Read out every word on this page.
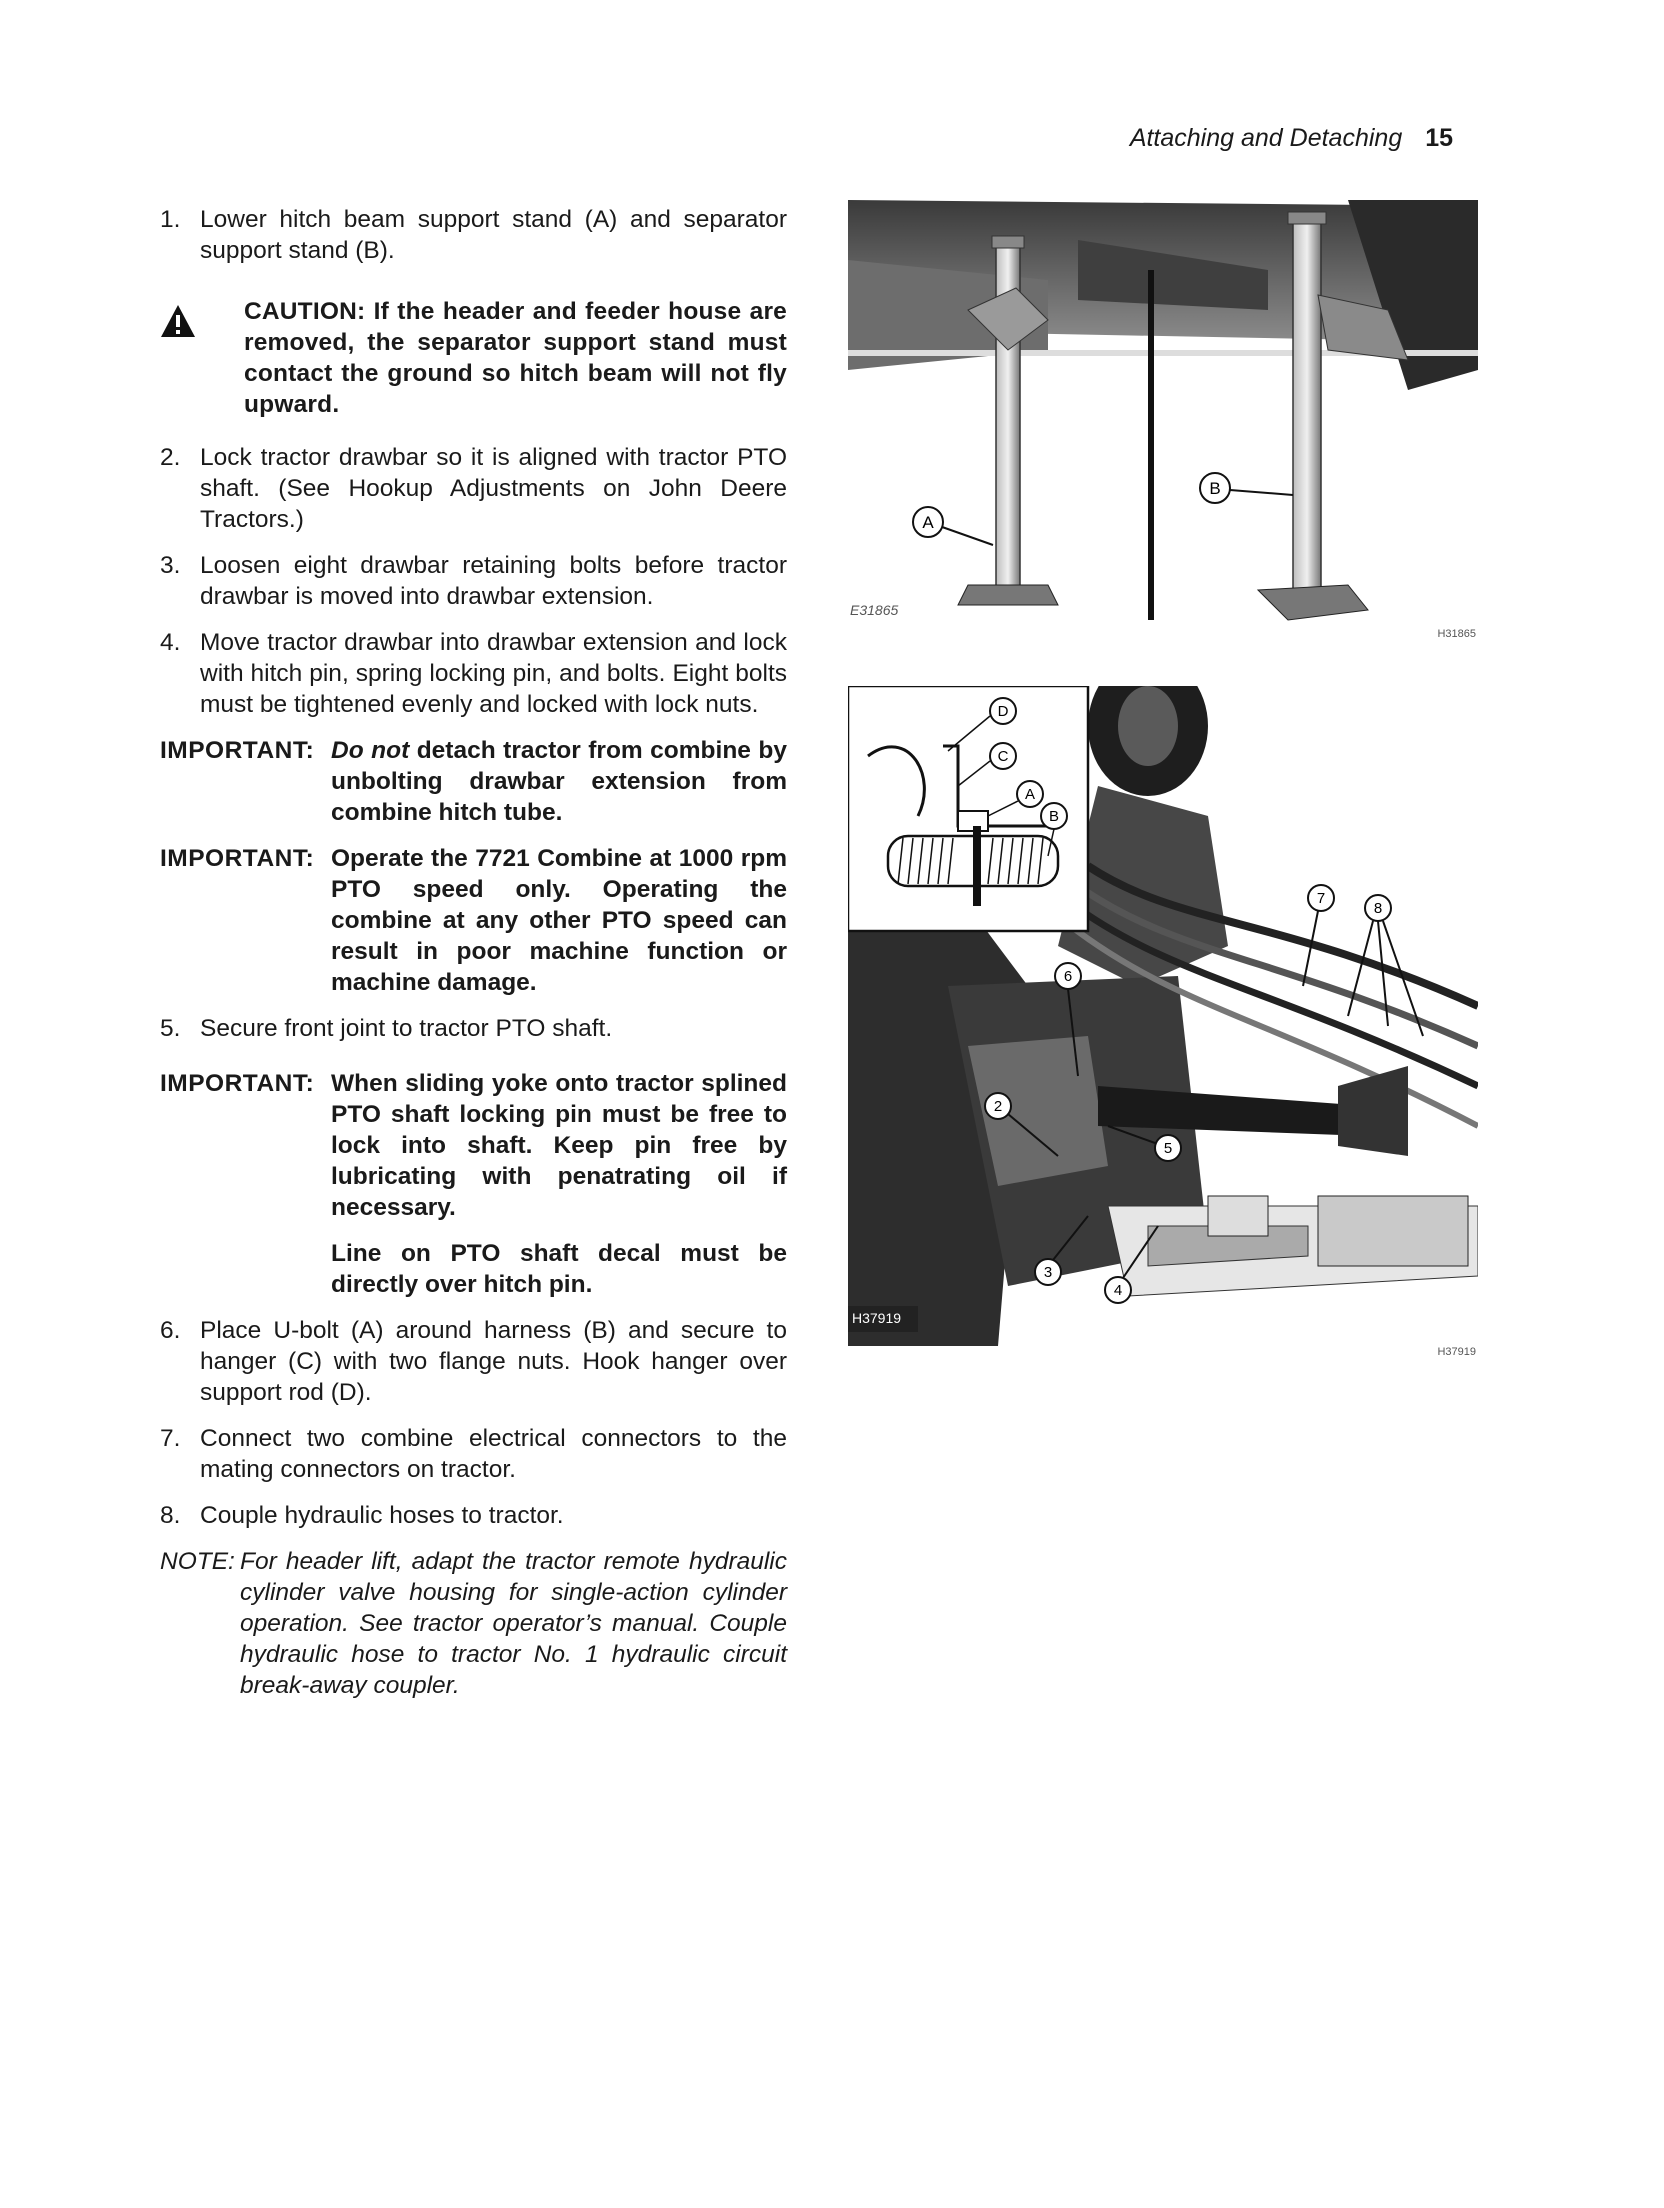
Attaching and Detaching 15
1. Lower hitch beam support stand (A) and separator support stand (B).
CAUTION: If the header and feeder house are removed, the separator support stand must contact the ground so hitch beam will not fly upward.
2. Lock tractor drawbar so it is aligned with tractor PTO shaft. (See Hookup Adjustments on John Deere Tractors.)
3. Loosen eight drawbar retaining bolts before tractor drawbar is moved into drawbar extension.
4. Move tractor drawbar into drawbar extension and lock with hitch pin, spring locking pin, and bolts. Eight bolts must be tightened evenly and locked with lock nuts.
IMPORTANT: Do not detach tractor from combine by unbolting drawbar extension from combine hitch tube.
IMPORTANT: Operate the 7721 Combine at 1000 rpm PTO speed only. Operating the combine at any other PTO speed can result in poor machine function or machine damage.
5. Secure front joint to tractor PTO shaft.
IMPORTANT: When sliding yoke onto tractor splined PTO shaft locking pin must be free to lock into shaft. Keep pin free by lubricating with penatrating oil if necessary.
Line on PTO shaft decal must be directly over hitch pin.
6. Place U-bolt (A) around harness (B) and secure to hanger (C) with two flange nuts. Hook hanger over support rod (D).
7. Connect two combine electrical connectors to the mating connectors on tractor.
8. Couple hydraulic hoses to tractor.
NOTE: For header lift, adapt the tractor remote hydraulic cylinder valve housing for single-action cylinder operation. See tractor operator’s manual. Couple hydraulic hose to tractor No. 1 hydraulic circuit break-away coupler.
A
B
E31865
H31865
D
C
A
B
2
3
4
5
6
7
8
H37919
H37919
